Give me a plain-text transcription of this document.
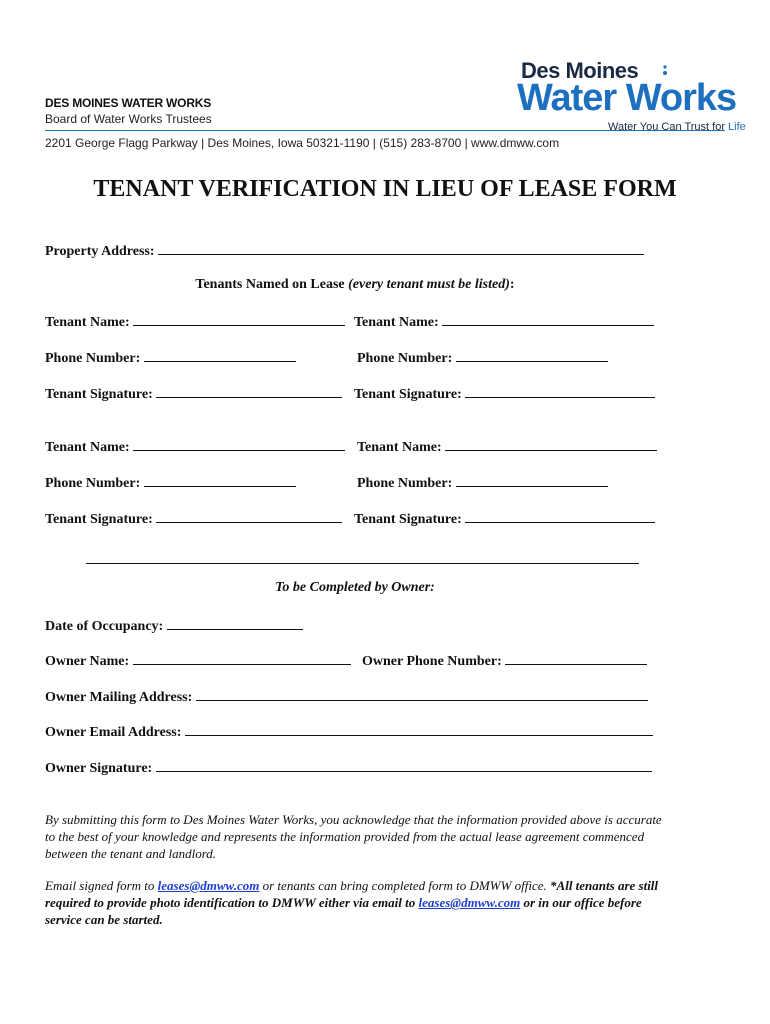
DES MOINES WATER WORKS
Board of Water Works Trustees
2201 George Flagg Parkway | Des Moines, Iowa 50321-1190 | (515) 283-8700 | www.dmww.com
Des Moines
Water Works
Water You Can Trust for Life
TENANT VERIFICATION IN LIEU OF LEASE FORM
Property Address:
Tenants Named on Lease (every tenant must be listed):
Tenant Name:	Tenant Name:
Phone Number:	Phone Number:
Tenant Signature:	Tenant Signature:
Tenant Name:	Tenant Name:
Phone Number:	Phone Number:
Tenant Signature:	Tenant Signature:
To be Completed by Owner:
Date of Occupancy:
Owner Name:	Owner Phone Number:
Owner Mailing Address:
Owner Email Address:
Owner Signature:
By submitting this form to Des Moines Water Works, you acknowledge that the information provided above is accurate to the best of your knowledge and represents the information provided from the actual lease agreement commenced between the tenant and landlord.
Email signed form to leases@dmww.com or tenants can bring completed form to DMWW office. *All tenants are still required to provide photo identification to DMWW either via email to leases@dmww.com or in our office before service can be started.
